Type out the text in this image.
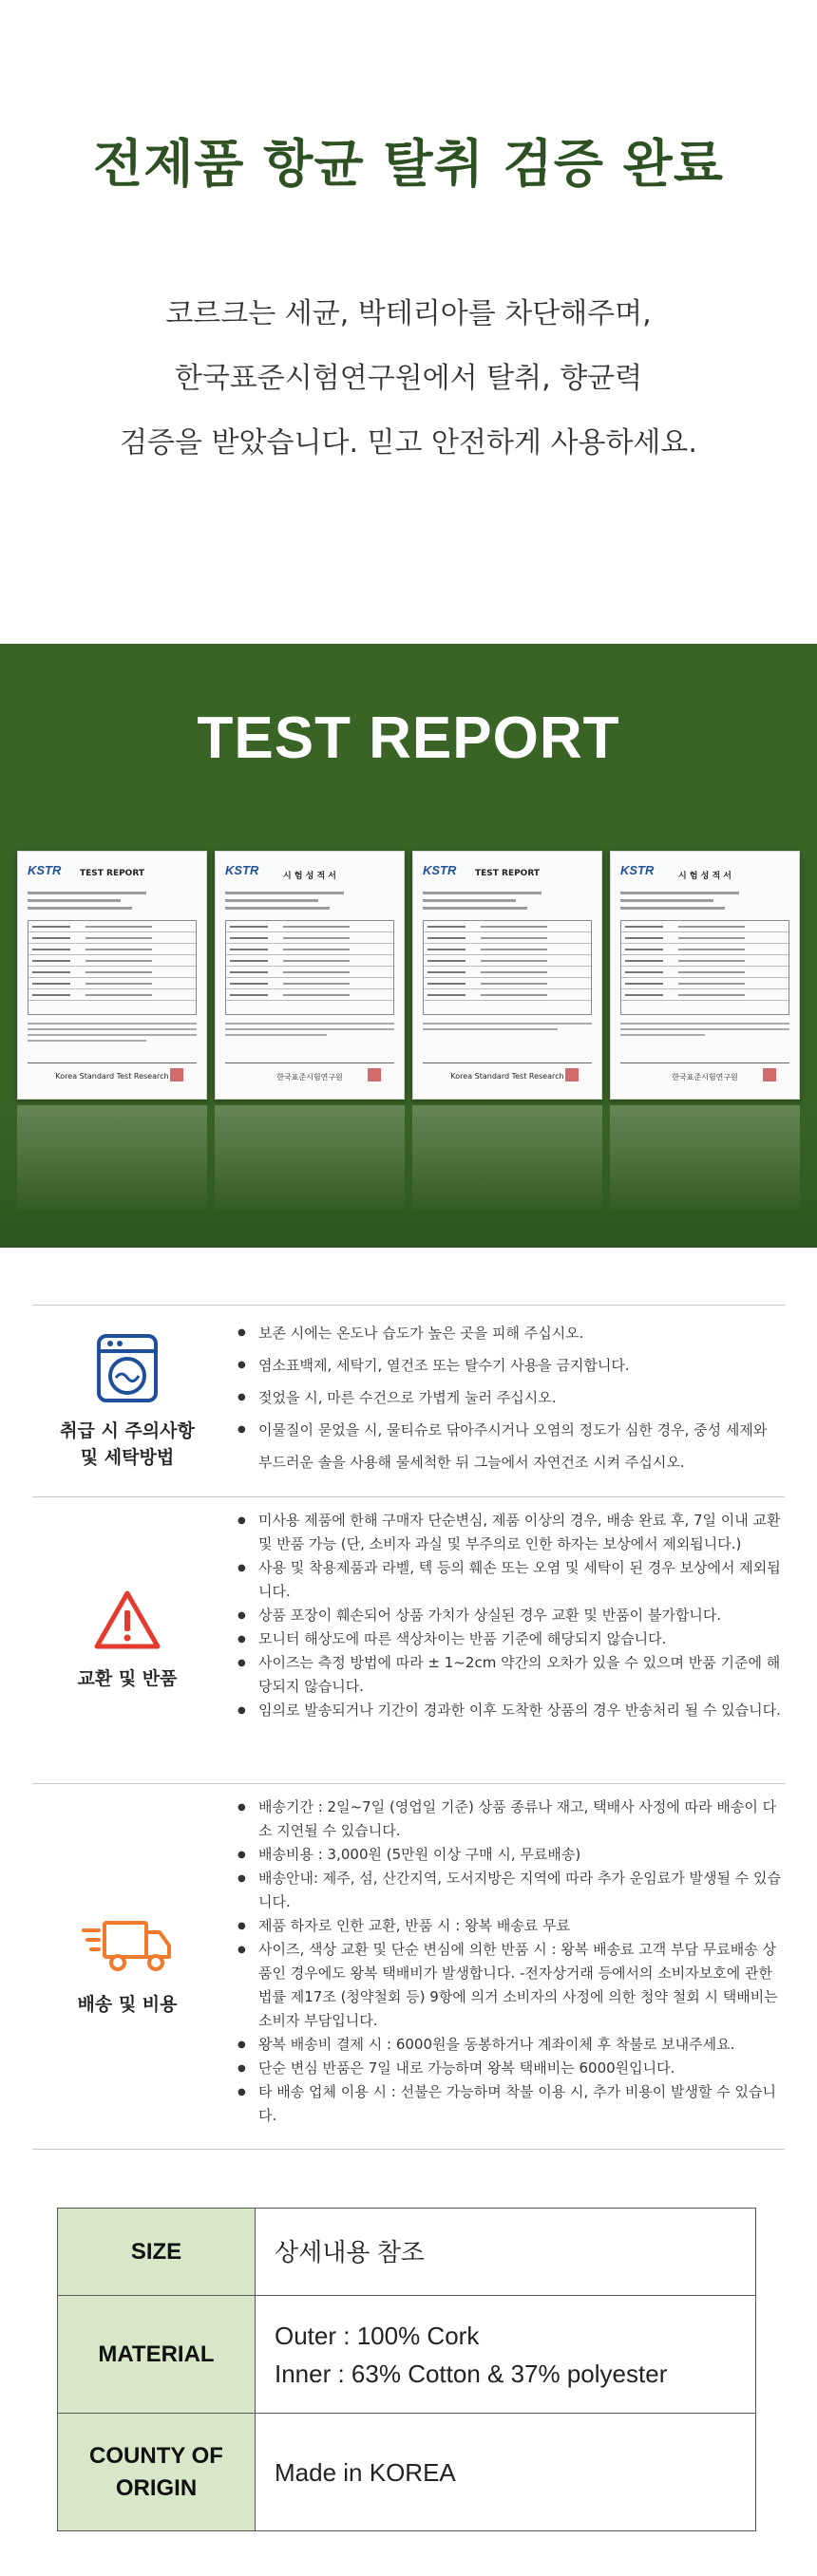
전제품 항균 탈취 검증 완료

코르크는 세균, 박테리아를 차단해주며,

한국표준시험연구원에서 탈취, 향균력

검증을 받았습니다. 믿고 안전하게 사용하세요.

TEST REPORT
KSTR	TEST REPORT
Korea Standard Test Research
KSTR	시 험 성 적 서
한국표준시험연구원
KSTR	TEST REPORT
Korea Standard Test Research
KSTR	시 험 성 적 서
한국표준시험연구원
취급 시 주의사항
및 세탁방법
● 보존 시에는 온도나 습도가 높은 곳을 피해 주십시오.
● 염소표백제, 세탁기, 열건조 또는 탈수기 사용을 금지합니다.
● 젖었을 시, 마른 수건으로 가볍게 눌러 주십시오.
● 이물질이 묻었을 시, 물티슈로 닦아주시거나 오염의 정도가 심한 경우, 중성 세제와 부드러운 솔을 사용해 물세척한 뒤 그늘에서 자연건조 시켜 주십시오.
교환 및 반품
● 미사용 제품에 한해 구매자 단순변심, 제품 이상의 경우, 배송 완료 후, 7일 이내 교환 및 반품 가능 (단, 소비자 과실 및 부주의로 인한 하자는 보상에서 제외됩니다.)
● 사용 및 착용제품과 라벨, 텍 등의 훼손 또는 오염 및 세탁이 된 경우 보상에서 제외됩니다.
● 상품 포장이 훼손되어 상품 가치가 상실된 경우 교환 및 반품이 불가합니다.
● 모니터 해상도에 따른 색상차이는 반품 기준에 해당되지 않습니다.
● 사이즈는 측정 방법에 따라 ± 1~2cm 약간의 오차가 있을 수 있으며 반품 기준에 해당되지 않습니다.
● 임의로 발송되거나 기간이 경과한 이후 도착한 상품의 경우 반송처리 될 수 있습니다.
배송 및 비용
● 배송기간 : 2일~7일 (영업일 기준) 상품 종류나 재고, 택배사 사정에 따라 배송이 다소 지연될 수 있습니다.
● 배송비용 : 3,000원 (5만원 이상 구매 시, 무료배송)
● 배송안내: 제주, 섬, 산간지역, 도서지방은 지역에 따라 추가 운임료가 발생될 수 있습니다.
● 제품 하자로 인한 교환, 반품 시 : 왕복 배송료 무료
● 사이즈, 색상 교환 및 단순 변심에 의한 반품 시 : 왕복 배송료 고객 부담 무료배송 상품인 경우에도 왕복 택배비가 발생합니다. -전자상거래 등에서의 소비자보호에 관한 법률 제17조 (청약철회 등) 9항에 의거 소비자의 사정에 의한 청약 철회 시 택배비는 소비자 부담입니다.
● 왕복 배송비 결제 시 : 6000원을 동봉하거나 계좌이체 후 착불로 보내주세요.
● 단순 변심 반품은 7일 내로 가능하며 왕복 택배비는 6000원입니다.
● 타 배송 업체 이용 시 : 선불은 가능하며 착불 이용 시, 추가 비용이 발생할 수 있습니다.
SIZE	상세내용 참조
MATERIAL	Outer : 100% Cork
Inner : 63% Cotton & 37% polyester

COUNTY OF
ORIGIN	Made in KOREA
